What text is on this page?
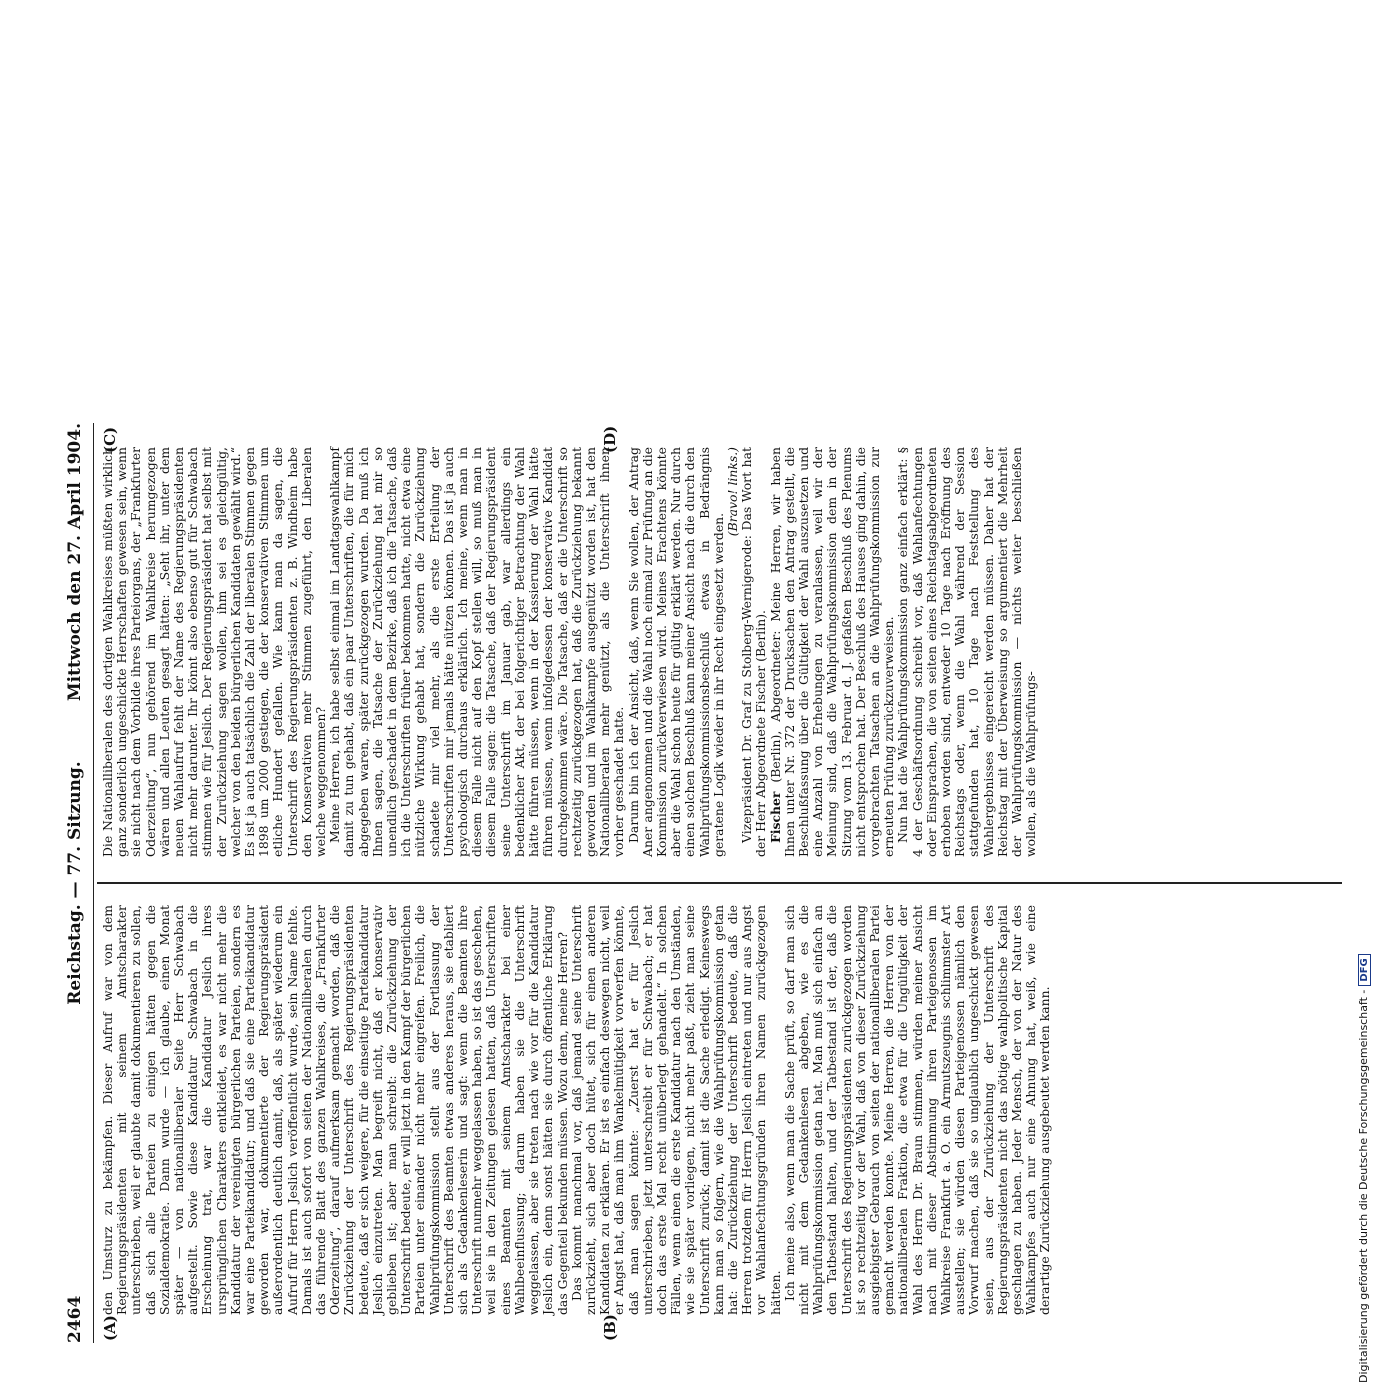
2464
Reichstag. — 77. Sitzung.
Mittwoch den 27. April 1904.
(A)	(B)
(C)	(D)

den Umsturz zu bekämpfen. Dieser Aufruf war von dem Regierungspräsidenten mit seinem Amtscharakter unterschrieben, weil er glaubte damit dokumentieren zu sollen, daß sich alle Parteien zu einigen hätten gegen die Sozialdemokratie. Dann wurde — ich glaube, einen Monat später — von nationalliberaler Seite Herr Schwabach aufgestellt. Sowie diese Kandidatur Schwabach in die Erscheinung trat, war die Kandidatur Jeslich ihres ursprünglichen Charakters entkleidet, es war nicht mehr die Kandidatur der vereinigten bürgerlichen Parteien, sondern es war eine Parteikandidatur; und daß sie eine Parteikandidatur geworden war, dokumentierte der Regierungspräsident außerordentlich deutlich damit, daß, als später wiederum ein Aufruf für Herrn Jeslich veröffentlicht wurde, sein Name fehlte. Damals ist auch sofort von seiten der Nationalliberalen durch das führende Blatt des ganzen Wahlkreises, die „Frankfurter Oderzeitung“, darauf aufmerksam gemacht worden, daß die Zurückziehung der Unterschrift des Regierungspräsidenten bedeute, daß er sich weigere, für die einseitige Parteikandidatur Jeslich einzutreten. Man begreift nicht, daß er konservativ geblieben ist; aber man schreibt: die Zurückziehung der Unterschrift bedeute, er will jetzt in den Kampf der bürgerlichen Parteien unter einander nicht mehr eingreifen. Freilich, die Wahlprüfungskommission stellt aus der Fortlassung der Unterschrift des Beamten etwas anderes heraus, sie etabliert sich als Gedankenleserin und sagt: wenn die Beamten ihre Unterschrift nunmehr weggelassen haben, so ist das geschehen, weil sie in den Zeitungen gelesen hatten, daß Unterschriften eines Beamten mit seinem Amtscharakter bei einer Wahlbeeinflussung; darum haben sie die Unterschrift weggelassen, aber sie treten nach wie vor für die Kandidatur Jeslich ein, denn sonst hätten sie durch öffentliche Erklärung das Gegenteil bekunden müssen. Wozu denn, meine Herren? Das kommt manchmal vor, daß jemand seine Unterschrift zurückzieht, sich aber doch hütet, sich für einen anderen Kandidaten zu erklären. Er ist es einfach deswegen nicht, weil er Angst hat, daß man ihm Wankelmütigkeit vorwerfen könnte, daß man sagen könnte: „Zuerst hat er für Jeslich unterschrieben, jetzt unterschreibt er für Schwabach; er hat doch das erste Mal recht unüberlegt gehandelt.“ In solchen Fällen, wenn einen die erste Kandidatur nach den Umständen, wie sie später vorliegen, nicht mehr paßt, zieht man seine Unterschrift zurück; damit ist die Sache erledigt. Keineswegs kann man so folgern, wie die Wahlprüfungskommission getan hat: die Zurückziehung der Unterschrift bedeute, daß die Herren trotzdem für Herrn Jeslich eintreten und nur aus Angst vor Wahlanfechtungsgründen ihren Namen zurückgezogen hätten. Ich meine also, wenn man die Sache prüft, so darf man sich nicht mit dem Gedankenlesen abgeben, wie es die Wahlprüfungskommission getan hat. Man muß sich einfach an den Tatbestand halten, und der Tatbestand ist der, daß die Unterschrift des Regierungspräsidenten zurückgezogen worden ist so rechtzeitig vor der Wahl, daß von dieser Zurückziehung ausgiebigster Gebrauch von seiten der nationalliberalen Partei gemacht werden konnte. Meine Herren, die Herren von der nationalliberalen Fraktion, die etwa für die Ungültigkeit der Wahl des Herrn Dr. Braun stimmen, würden meiner Ansicht nach mit dieser Abstimmung ihren Parteigenossen im Wahlkreise Frankfurt a. O. ein Armutszeugnis schlimmster Art ausstellen; sie würden diesen Parteigenossen nämlich den Vorwurf machen, daß sie so unglaublich ungeschickt gewesen seien, aus der Zurückziehung der Unterschrift des Regierungspräsidenten nicht das nötige wahlpolitische Kapital geschlagen zu haben. Jeder Mensch, der von der Natur des Wahlkampfes auch nur eine Ahnung hat, weiß, wie eine derartige Zurückziehung ausgebeutet werden kann.

Die Nationalliberalen des dortigen Wahlkreises müßten wirklich ganz sonderlich ungeschickte Herrschaften gewesen sein, wenn sie nicht nach dem Vorbilde ihres Parteiorgans, der „Frankfurter Oderzeitung“, nun gehörend im Wahlkreise herumgezogen wären und allen Leuten gesagt hätten: „Seht ihr, unter dem neuen Wahlaufruf fehlt der Name des Regierungspräsidenten nicht mehr darunter. Ihr könnt also ebenso gut für Schwabach stimmen wie für Jeslich. Der Regierungspräsident hat selbst mit der Zurückziehung sagen wollen, ihm sei es gleichgültig, welcher von den beiden bürgerlichen Kandidaten gewählt wird.“ Es ist ja auch tatsächlich die Zahl der liberalen Stimmen gegen 1898 um 2000 gestiegen, die der konservativen Stimmen um etliche Hundert gefallen. Wie kann man da sagen, die Unterschrift des Regierungspräsidenten z. B. Windheim habe den Konservativen mehr Stimmen zugeführt, den Liberalen welche weggenommen? Meine Herren, ich habe selbst einmal im Landtagswahlkampf damit zu tun gehabt, daß ein paar Unterschriften, die für mich abgegeben waren, später zurückgezogen wurden. Da muß ich Ihnen sagen, die Tatsache der Zurückziehung hat mir so unendlich geschadet in dem Bezirke, daß ich die Tatsache, daß ich die Unterschriften früher bekommen hatte, nicht etwa eine nützliche Wirkung gehabt hat, sondern die Zurückziehung schadete mir viel mehr, als die erste Erteilung der Unterschriften mir jemals hätte nützen können. Das ist ja auch psychologisch durchaus erklärlich. Ich meine, wenn man in diesem Falle nicht auf den Kopf stellen will, so muß man in diesem Falle sagen: die Tatsache, daß der Regierungspräsident seine Unterschrift im Januar gab, war allerdings ein bedenklicher Akt, der bei folgerichtiger Betrachtung der Wahl hätte führen müssen, wenn in der Kassierung der Wahl hätte führen müssen, wenn infolgedessen der konservative Kandidat durchgekommen wäre. Die Tatsache, daß er die Unterschrift so rechtzeitig zurückgezogen hat, daß die Zurückziehung bekannt geworden und im Wahlkampfe ausgenützt worden ist, hat den Nationalliberalen mehr genützt, als die Unterschrift ihnen vorher geschadet hatte. Darum bin ich der Ansicht, daß, wenn Sie wollen, der Antrag Aner angenommen und die Wahl noch einmal zur Prüfung an die Kommission zurückverwiesen wird. Meines Erachtens könnte aber die Wahl schon heute für gültig erklärt werden. Nur durch einen solchen Beschluß kann meiner Ansicht nach die durch den Wahlprüfungskommissionsbeschluß etwas in Bedrängnis geratene Logik wieder in ihr Recht eingesetzt werden.

(Bravo! links.) Vizepräsident Dr. Graf zu Stolberg-Wernigerode: Das Wort hat der Herr Abgeordnete Fischer (Berlin). Fischer (Berlin), Abgeordneter: Meine Herren, wir haben Ihnen unter Nr. 372 der Drucksachen den Antrag gestellt, die Beschlußfassung über die Gültigkeit der Wahl auszusetzen und eine Anzahl von Erhebungen zu veranlassen, weil wir der Meinung sind, daß die Wahlprüfungskommission dem in der Sitzung vom 13. Februar d. J. gefaßten Beschluß des Plenums nicht entsprochen hat. Der Beschluß des Hauses ging dahin, die vorgebrachten Tatsachen an die Wahlprüfungskommission zur erneuten Prüfung zurückzuverweisen. Nun hat die Wahlprüfungskommission ganz einfach erklärt: § 4 der Geschäftsordnung schreibt vor, daß Wahlanfechtungen oder Einsprachen, die von seiten eines Reichstagsabgeordneten erhoben worden sind, entweder 10 Tage nach Eröffnung des Reichstags oder, wenn die Wahl während der Session stattgefunden hat, 10 Tage nach Feststellung des Wahlergebnisses eingereicht werden müssen. Daher hat der Reichstag mit der Überweisung so argumentiert die Mehrheit der Wahlprüfungskommission — nichts weiter beschließen wollen, als die Wahlprüfungs-

Digitalisierung gefördert durch die Deutsche Forschungsgemeinschaft -DFG
